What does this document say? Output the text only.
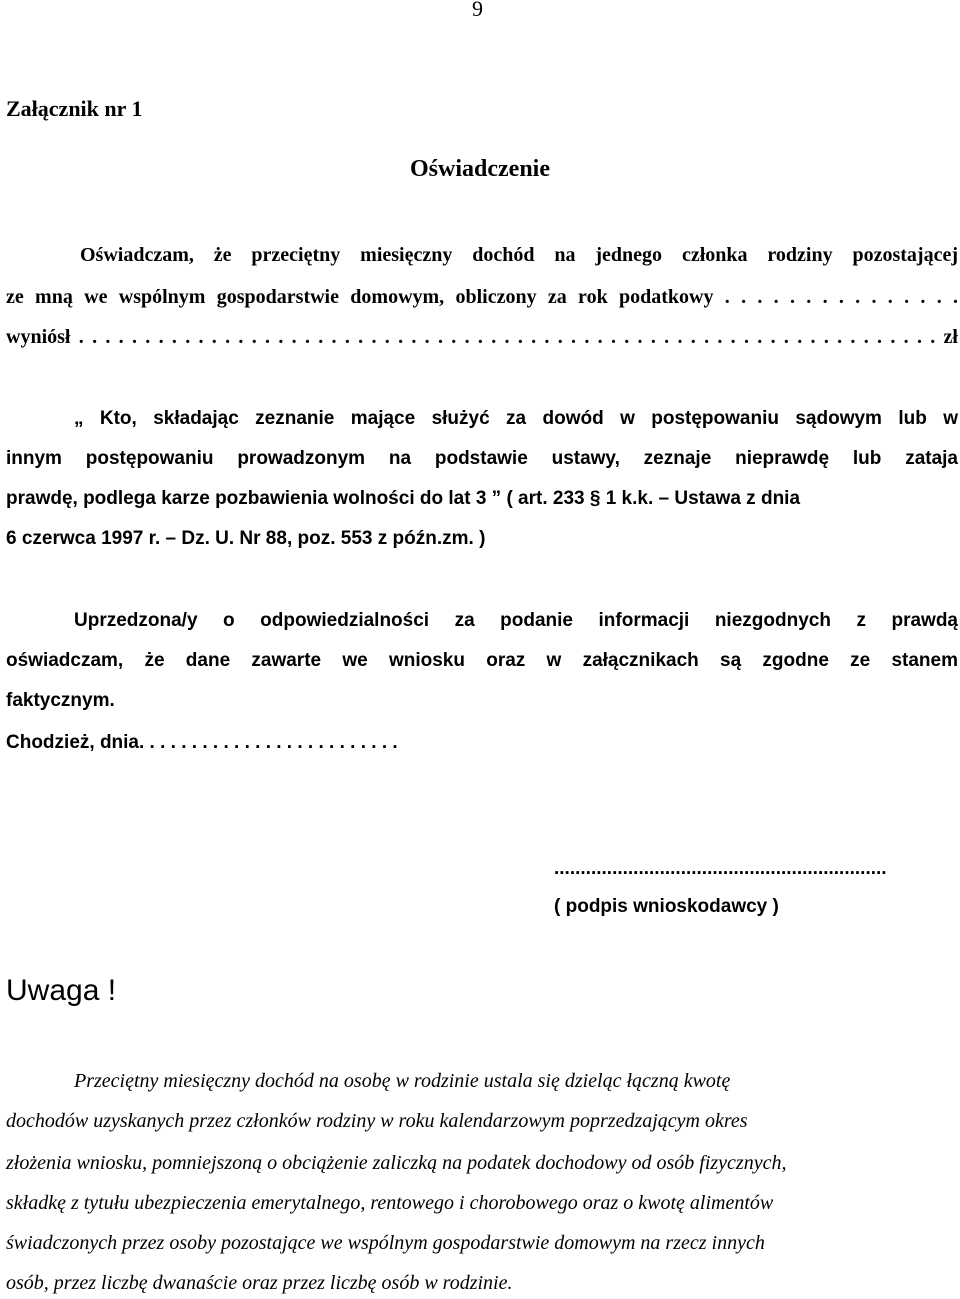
9
Załącznik nr 1
Oświadczenie
Oświadczam, że przeciętny miesięczny dochód na jednego członka rodziny pozostającej
ze mną we wspólnym gospodarstwie domowym, obliczony za rok podatkowy . . . . . . . . . . . . . . .
wyniósł . . . . . . . . . . . . . . . . . . . . . . . . . . . . . . . . . . . . . . . . . . . . . . . . . . . . . . . . . . . . . . . . . zł
„ Kto, składając zeznanie mające służyć za dowód w postępowaniu sądowym lub w
innym postępowaniu prowadzonym na podstawie ustawy, zeznaje nieprawdę lub zataja
prawdę, podlega karze pozbawienia wolności do lat 3 ” ( art. 233 § 1 k.k. – Ustawa z dnia
6 czerwca 1997 r. – Dz. U. Nr 88, poz. 553 z późn.zm. )
Uprzedzona/y o odpowiedzialności za podanie informacji niezgodnych z prawdą
oświadczam, że dane zawarte we wniosku oraz w załącznikach są zgodne ze stanem
faktycznym.
Chodzież, dnia. . . . . . . . . . . . . . . . . . . . . . . . .
...............................................................
( podpis wnioskodawcy )
Uwaga !
Przeciętny miesięczny dochód na osobę w rodzinie ustala się dzieląc łączną kwotę
dochodów uzyskanych przez członków rodziny w roku kalendarzowym poprzedzającym okres
złożenia wniosku, pomniejszoną o obciążenie zaliczką na podatek dochodowy od osób fizycznych,
składkę z tytułu ubezpieczenia emerytalnego, rentowego i chorobowego oraz o kwotę alimentów
świadczonych przez osoby pozostające we wspólnym gospodarstwie domowym na rzecz innych
osób, przez liczbę dwanaście oraz przez liczbę osób w rodzinie.
